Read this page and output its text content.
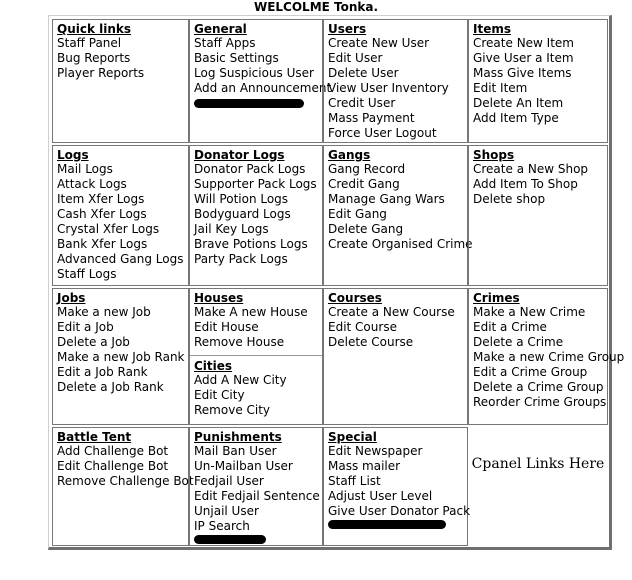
WELCOLME Tonka.
Quick links
Staff Panel
Bug Reports
Player Reports
General
Staff Apps
Basic Settings
Log Suspicious User
Add an Announcement
Users
Create New User
Edit User
Delete User
View User Inventory
Credit User
Mass Payment
Force User Logout
Items
Create New Item
Give User a Item
Mass Give Items
Edit Item
Delete An Item
Add Item Type
Logs
Mail Logs
Attack Logs
Item Xfer Logs
Cash Xfer Logs
Crystal Xfer Logs
Bank Xfer Logs
Advanced Gang Logs
Staff Logs
Donator Logs
Donator Pack Logs
Supporter Pack Logs
Will Potion Logs
Bodyguard Logs
Jail Key Logs
Brave Potions Logs
Party Pack Logs
Gangs
Gang Record
Credit Gang
Manage Gang Wars
Edit Gang
Delete Gang
Create Organised Crime
Shops
Create a New Shop
Add Item To Shop
Delete shop
Jobs
Make a new Job
Edit a Job
Delete a Job
Make a new Job Rank
Edit a Job Rank
Delete a Job Rank
Houses
Make A new House
Edit House
Remove House
Cities
Add A New City
Edit City
Remove City
Courses
Create a New Course
Edit Course
Delete Course
Crimes
Make a New Crime
Edit a Crime
Delete a Crime
Make a new Crime Group
Edit a Crime Group
Delete a Crime Group
Reorder Crime Groups
Battle Tent
Add Challenge Bot
Edit Challenge Bot
Remove Challenge Bot
Punishments
Mail Ban User
Un-Mailban User
Fedjail User
Edit Fedjail Sentence
Unjail User
IP Search
Special
Edit Newspaper
Mass mailer
Staff List
Adjust User Level
Give User Donator Pack
Cpanel Links Here
